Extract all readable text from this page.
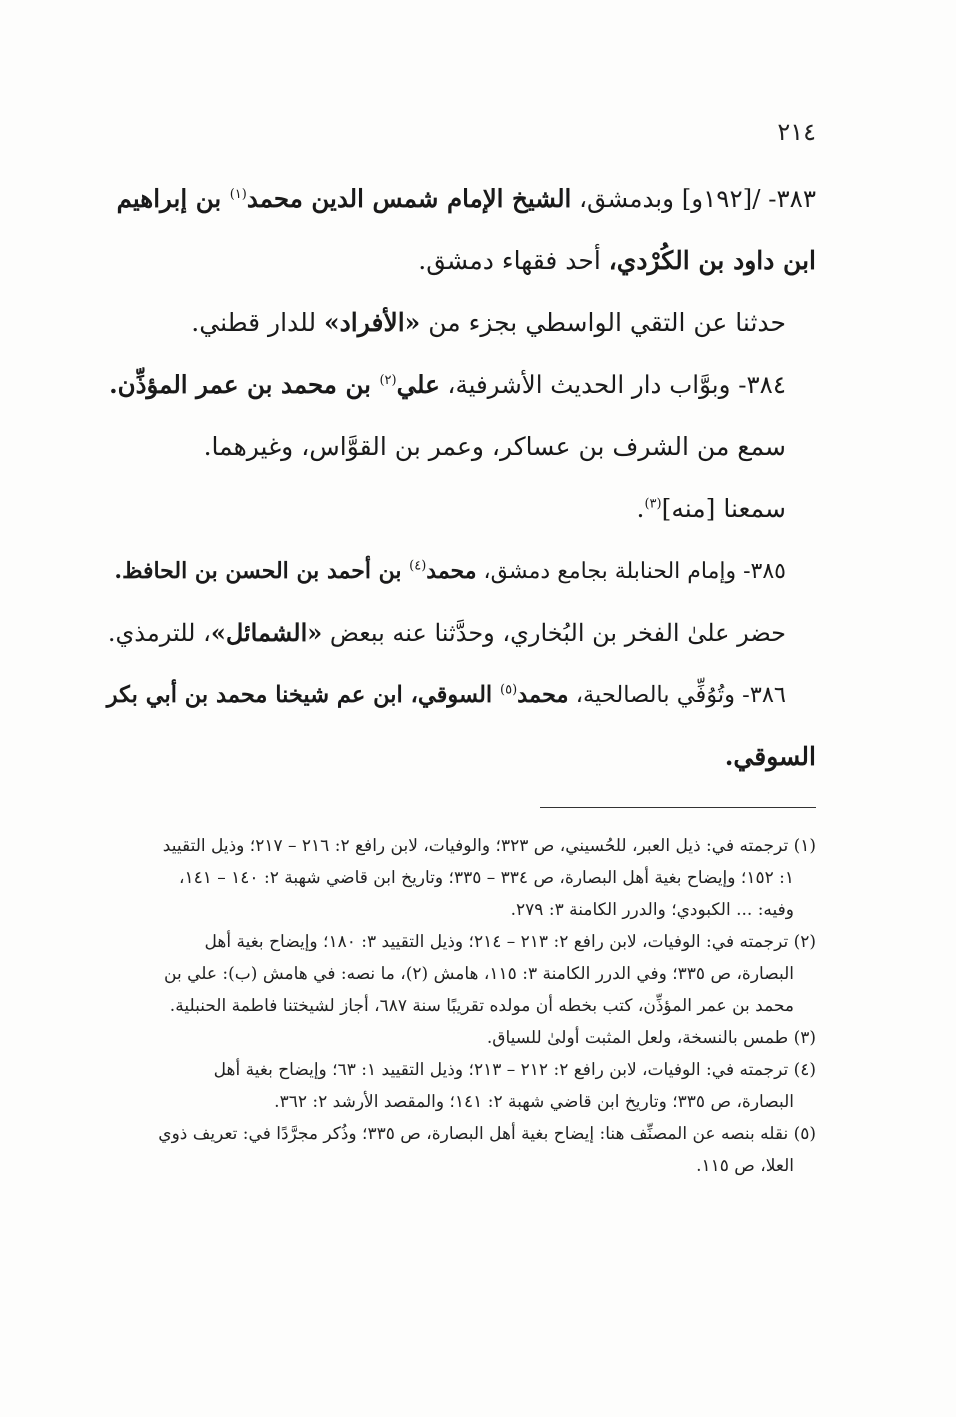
٢١٤
٣٨٣- /[١٩٢و] وبدمشق، الشيخ الإمام شمس الدين محمد$^{(١)}$ بن إبراهيم
ابن داود بن الكُرْدي، أحد فقهاء دمشق.
حدثنا عن التقي الواسطي بجزء من «الأفراد» للدار قطني.
٣٨٤- وبوَّاب دار الحديث الأشرفية، علي$^{(٢)}$ بن محمد بن عمر المؤذِّن.
سمع من الشرف بن عساكر، وعمر بن القوَّاس، وغيرهما.
سمعنا [منه]$^{(٣)}$.
٣٨٥- وإمام الحنابلة بجامع دمشق، محمد$^{(٤)}$ بن أحمد بن الحسن بن الحافظ.
حضر علىٰ الفخر بن البُخاري، وحدَّثنا عنه ببعض «الشمائل»، للترمذي.
٣٨٦- وتُوُفِّي بالصالحية، محمد$^{(٥)}$ السوقي، ابن عم شيخنا محمد بن أبي بكر
السوقي.
(١) ترجمته في: ذيل العبر، للحُسيني، ص ٣٢٣؛ والوفيات، لابن رافع ٢: ٢١٦ – ٢١٧؛ وذيل التقييد
١: ١٥٢؛ وإيضاح بغية أهل البصارة، ص ٣٣٤ – ٣٣٥؛ وتاريخ ابن قاضي شهبة ٢: ١٤٠ – ١٤١،
وفيه: ... الكبودي؛ والدرر الكامنة ٣: ٢٧٩.
(٢) ترجمته في: الوفيات، لابن رافع ٢: ٢١٣ – ٢١٤؛ وذيل التقييد ٣: ١٨٠؛ وإيضاح بغية أهل
البصارة، ص ٣٣٥؛ وفي الدرر الكامنة ٣: ١١٥، هامش (٢)، ما نصه: في هامش (ب): علي بن
محمد بن عمر المؤذِّن، كتب بخطه أن مولده تقريبًا سنة ٦٨٧، أجاز لشيختنا فاطمة الحنبلية.
(٣) طمس بالنسخة، ولعل المثبت أولىٰ للسياق.
(٤) ترجمته في: الوفيات، لابن رافع ٢: ٢١٢ – ٢١٣؛ وذيل التقييد ١: ٦٣؛ وإيضاح بغية أهل
البصارة، ص ٣٣٥؛ وتاريخ ابن قاضي شهبة ٢: ١٤١؛ والمقصد الأرشد ٢: ٣٦٢.
(٥) نقله بنصه عن المصنِّف هنا: إيضاح بغية أهل البصارة، ص ٣٣٥؛ وذُكر مجرَّدًا في: تعريف ذوي
العلا، ص ١١٥.
